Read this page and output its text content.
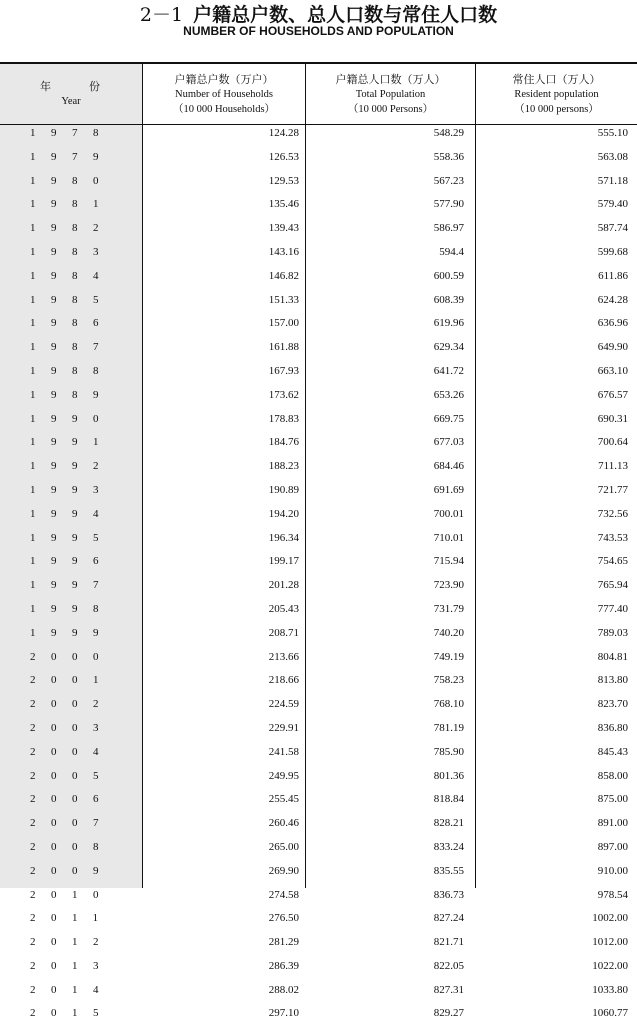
2－1 户籍总户数、总人口数与常住人口数
NUMBER OF HOUSEHOLDS AND POPULATION
年份
Year
户籍总户数（万户）
Number of Households
（10 000 Households）
户籍总人口数（万人）
Total Population
（10 000 Persons）
常住人口（万人）
Resident population
（10 000 persons）
1978	124.28	548.29	555.10
1979	126.53	558.36	563.08
1980	129.53	567.23	571.18
1981	135.46	577.90	579.40
1982	139.43	586.97	587.74
1983	143.16	594.4	599.68
1984	146.82	600.59	611.86
1985	151.33	608.39	624.28
1986	157.00	619.96	636.96
1987	161.88	629.34	649.90
1988	167.93	641.72	663.10
1989	173.62	653.26	676.57
1990	178.83	669.75	690.31
1991	184.76	677.03	700.64
1992	188.23	684.46	711.13
1993	190.89	691.69	721.77
1994	194.20	700.01	732.56
1995	196.34	710.01	743.53
1996	199.17	715.94	754.65
1997	201.28	723.90	765.94
1998	205.43	731.79	777.40
1999	208.71	740.20	789.03
2000	213.66	749.19	804.81
2001	218.66	758.23	813.80
2002	224.59	768.10	823.70
2003	229.91	781.19	836.80
2004	241.58	785.90	845.43
2005	249.95	801.36	858.00
2006	255.45	818.84	875.00
2007	260.46	828.21	891.00
2008	265.00	833.24	897.00
2009	269.90	835.55	910.00
2010	274.58	836.73	978.54
2011	276.50	827.24	1002.00
2012	281.29	821.71	1012.00
2013	286.39	822.05	1022.00
2014	288.02	827.31	1033.80
2015	297.10	829.27	1060.77
